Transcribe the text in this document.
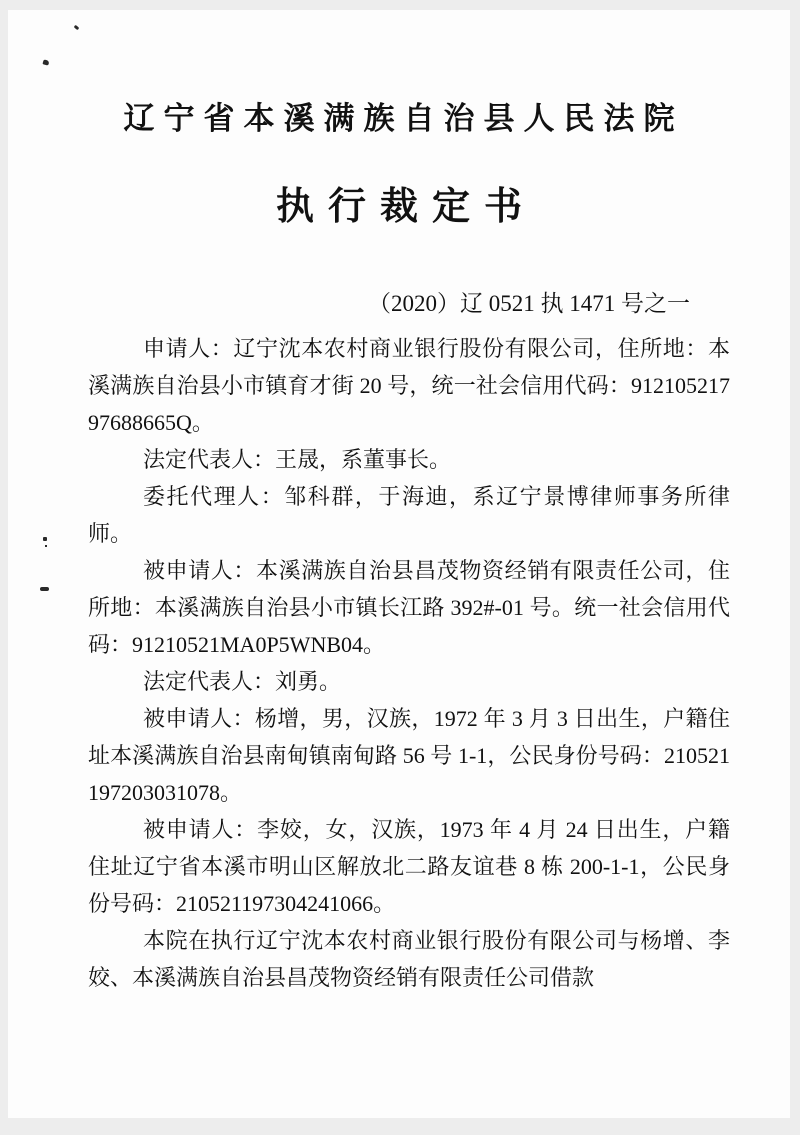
辽宁省本溪满族自治县人民法院
执行裁定书
（2020）辽 0521 执 1471 号之一

申请人：辽宁沈本农村商业银行股份有限公司，住所地：本溪满族自治县小市镇育才街 20 号，统一社会信用代码：91210521797688665Q。

法定代表人：王晟，系董事长。

委托代理人：邹科群，于海迪，系辽宁景博律师事务所律师。

被申请人：本溪满族自治县昌茂物资经销有限责任公司，住所地：本溪满族自治县小市镇长江路 392#-01 号。统一社会信用代码：91210521MA0P5WNB04。

法定代表人：刘勇。

被申请人：杨增，男，汉族，1972 年 3 月 3 日出生，户籍住址本溪满族自治县南甸镇南甸路 56 号 1-1，公民身份号码：210521197203031078。

被申请人：李姣，女，汉族，1973 年 4 月 24 日出生，户籍住址辽宁省本溪市明山区解放北二路友谊巷 8 栋 200-1-1，公民身份号码：210521197304241066。

本院在执行辽宁沈本农村商业银行股份有限公司与杨增、李姣、本溪满族自治县昌茂物资经销有限责任公司借款
